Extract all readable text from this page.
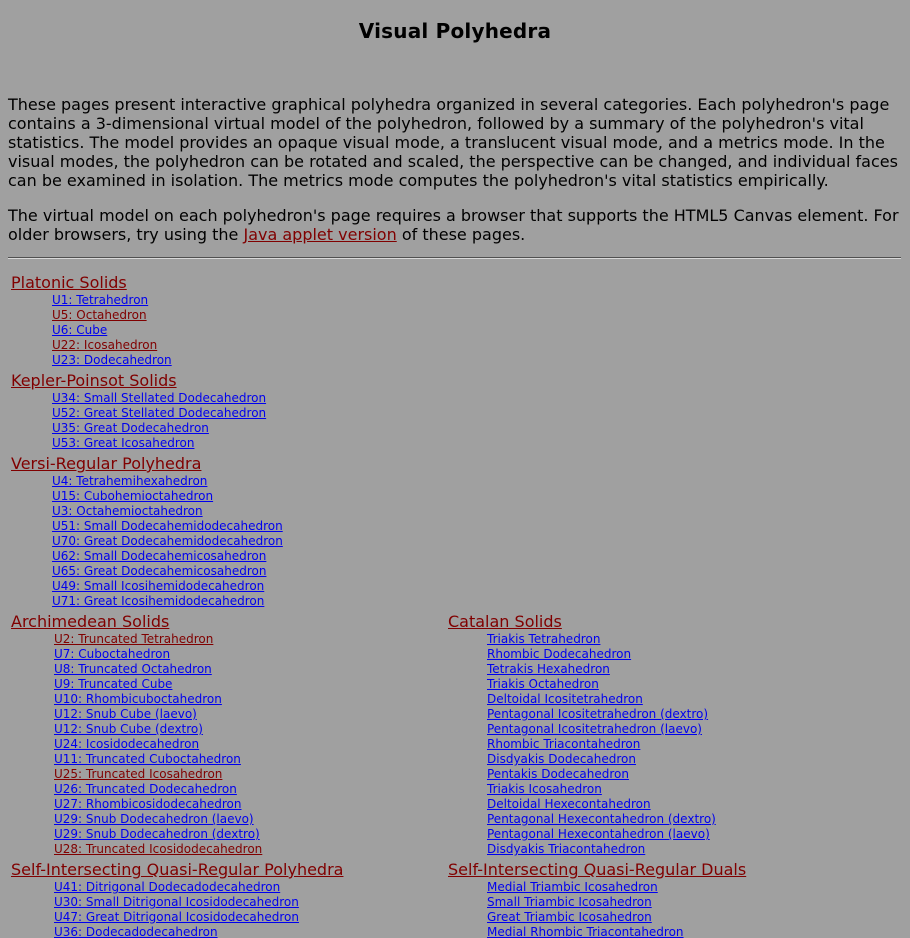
Visual Polyhedra

These pages present interactive graphical polyhedra organized in several categories. Each polyhedron's page contains a 3-dimensional virtual model of the polyhedron, followed by a summary of the polyhedron's vital statistics. The model provides an opaque visual mode, a translucent visual mode, and a metrics mode. In the visual modes, the polyhedron can be rotated and scaled, the perspective can be changed, and individual faces can be examined in isolation. The metrics mode computes the polyhedron's vital statistics empirically.

The virtual model on each polyhedron's page requires a browser that supports the HTML5 Canvas element. For older browsers, try using the Java applet version of these pages.

Platonic Solids
U1: Tetrahedron
U5: Octahedron
U6: Cube
U22: Icosahedron
U23: Dodecahedron
Kepler-Poinsot Solids
U34: Small Stellated Dodecahedron
U52: Great Stellated Dodecahedron
U35: Great Dodecahedron
U53: Great Icosahedron
Versi-Regular Polyhedra
U4: Tetrahemihexahedron
U15: Cubohemioctahedron
U3: Octahemioctahedron
U51: Small Dodecahemidodecahedron
U70: Great Dodecahemidodecahedron
U62: Small Dodecahemicosahedron
U65: Great Dodecahemicosahedron
U49: Small Icosihemidodecahedron
U71: Great Icosihemidodecahedron
Archimedean Solids
U2: Truncated Tetrahedron
U7: Cuboctahedron
U8: Truncated Octahedron
U9: Truncated Cube
U10: Rhombicuboctahedron
U12: Snub Cube (laevo)
U12: Snub Cube (dextro)
U24: Icosidodecahedron
U11: Truncated Cuboctahedron
U25: Truncated Icosahedron
U26: Truncated Dodecahedron
U27: Rhombicosidodecahedron
U29: Snub Dodecahedron (laevo)
U29: Snub Dodecahedron (dextro)
U28: Truncated Icosidodecahedron
Catalan Solids
Triakis Tetrahedron
Rhombic Dodecahedron
Tetrakis Hexahedron
Triakis Octahedron
Deltoidal Icositetrahedron
Pentagonal Icositetrahedron (dextro)
Pentagonal Icositetrahedron (laevo)
Rhombic Triacontahedron
Disdyakis Dodecahedron
Pentakis Dodecahedron
Triakis Icosahedron
Deltoidal Hexecontahedron
Pentagonal Hexecontahedron (dextro)
Pentagonal Hexecontahedron (laevo)
Disdyakis Triacontahedron
Self-Intersecting Quasi-Regular Polyhedra
U41: Ditrigonal Dodecadodecahedron
U30: Small Ditrigonal Icosidodecahedron
U47: Great Ditrigonal Icosidodecahedron
U36: Dodecadodecahedron
Self-Intersecting Quasi-Regular Duals
Medial Triambic Icosahedron
Small Triambic Icosahedron
Great Triambic Icosahedron
Medial Rhombic Triacontahedron
